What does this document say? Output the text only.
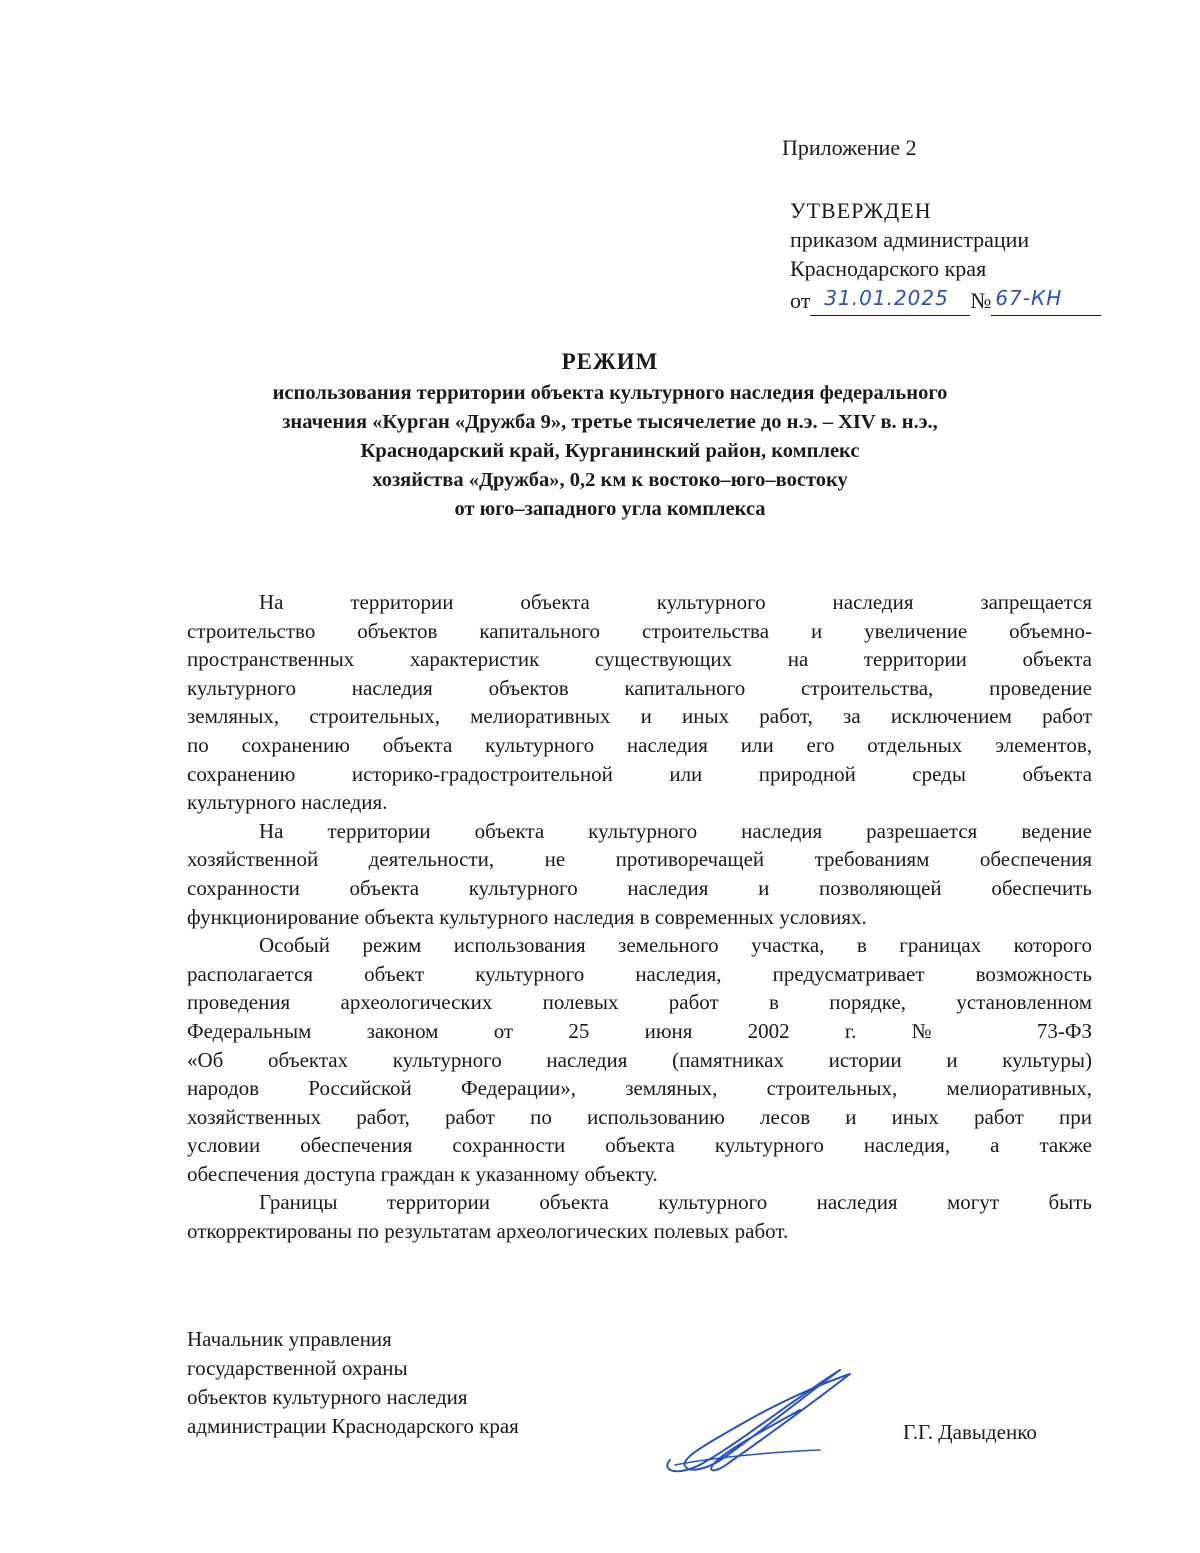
Приложение 2
УТВЕРЖДЕН
приказом администрации
Краснодарского края
от 31.01.2025 № 67-КН
РЕЖИМ
использования территории объекта культурного наследия федерального
значения «Курган «Дружба 9», третье тысячелетие до н.э. – XIV в. н.э.,
Краснодарский край, Курганинский район, комплекс
хозяйства «Дружба», 0,2 км к востоко–юго–востоку
от юго–западного угла комплекса

На территории объекта культурного наследия запрещается
строительство объектов капитального строительства и увеличение объемно-
пространственных характеристик существующих на территории объекта
культурного наследия объектов капитального строительства, проведение
земляных, строительных, мелиоративных и иных работ, за исключением работ
по сохранению объекта культурного наследия или его отдельных элементов,
сохранению историко-градостроительной или природной среды объекта
культурного наследия.

На территории объекта культурного наследия разрешается ведение
хозяйственной деятельности, не противоречащей требованиям обеспечения
сохранности объекта культурного наследия и позволяющей обеспечить
функционирование объекта культурного наследия в современных условиях.

Особый режим использования земельного участка, в границах которого
располагается объект культурного наследия, предусматривает возможность
проведения археологических полевых работ в порядке, установленном
Федеральным законом от 25 июня 2002 г. № 73-ФЗ
«Об объектах культурного наследия (памятниках истории и культуры)
народов Российской Федерации», земляных, строительных, мелиоративных,
хозяйственных работ, работ по использованию лесов и иных работ при
условии обеспечения сохранности объекта культурного наследия, а также
обеспечения доступа граждан к указанному объекту.

Границы территории объекта культурного наследия могут быть
откорректированы по результатам археологических полевых работ.

Начальник управления
государственной охраны
объектов культурного наследия
администрации Краснодарского края	Г.Г. Давыденко
